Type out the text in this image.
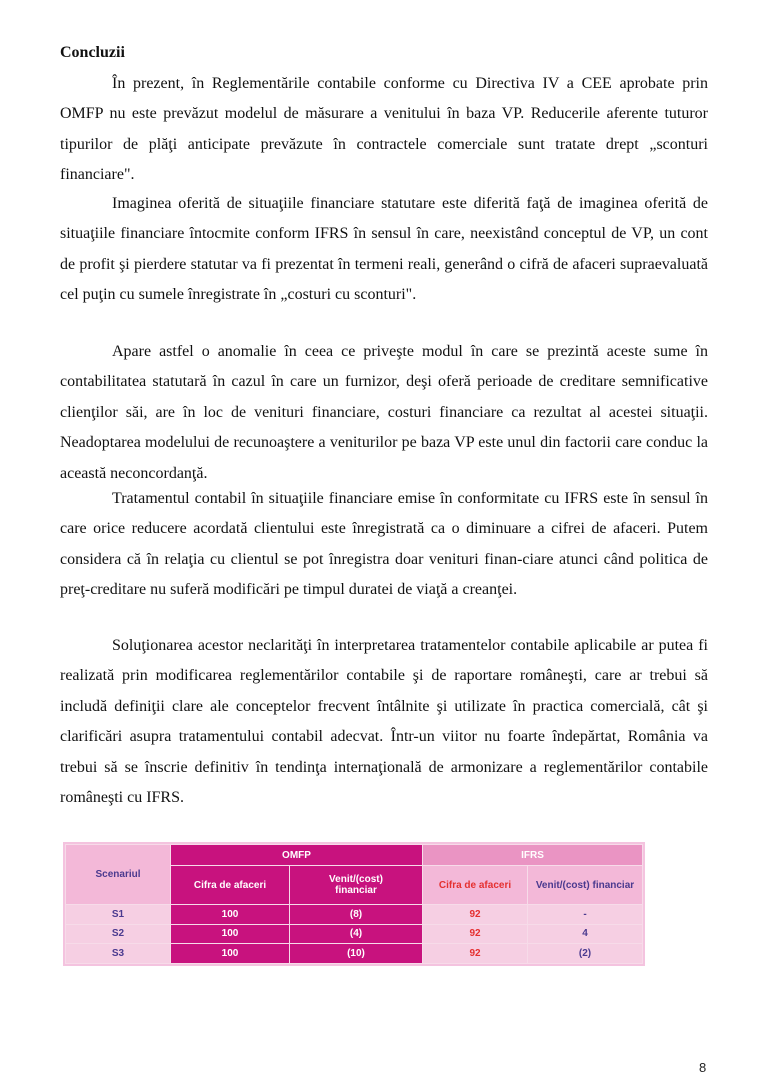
Concluzii

În prezent, în Reglementările contabile conforme cu Directiva IV a CEE aprobate prin OMFP nu este prevăzut modelul de măsurare a venitului în baza VP. Reducerile aferente tuturor tipurilor de plăţi anticipate prevăzute în contractele comerciale sunt tratate drept „sconturi financiare".

Imaginea oferită de situaţiile financiare statutare este diferită faţă de imaginea oferită de situaţiile financiare întocmite conform IFRS în sensul în care, neexistând conceptul de VP, un cont de profit şi pierdere statutar va fi prezentat în termeni reali, generând o cifră de afaceri supraevaluată cel puţin cu sumele înregistrate în „costuri cu sconturi".

Apare astfel o anomalie în ceea ce priveşte modul în care se prezintă aceste sume în contabilitatea statutară în cazul în care un furnizor, deşi oferă perioade de creditare semnificative clienţilor săi, are în loc de venituri financiare, costuri financiare ca rezultat al acestei situaţii. Neadoptarea modelului de recunoaştere a veniturilor pe baza VP este unul din factorii care conduc la această neconcordanţă.

Tratamentul contabil în situaţiile financiare emise în conformitate cu IFRS este în sensul în care orice reducere acordată clientului este înregistrată ca o diminuare a cifrei de afaceri. Putem considera că în relaţia cu clientul se pot înregistra doar venituri finan-ciare atunci când politica de preţ-creditare nu suferă modificări pe timpul duratei de viaţă a creanţei.

Soluţionarea acestor neclarităţi în interpretarea tratamentelor contabile aplicabile ar putea fi realizată prin modificarea reglementărilor contabile şi de raportare româneşti, care ar trebui să includă definiţii clare ale conceptelor frecvent întâlnite şi utilizate în practica comercială, cât şi clarificări asupra tratamentului contabil adecvat. Într-un viitor nu foarte îndepărtat, România va trebui să se înscrie definitiv în tendinţa internaţională de armonizare a reglementărilor contabile româneşti cu IFRS.

Scenariul	OMFP		IFRS	
	Cifra de afaceri	Venit/(cost) financiar	Cifra de afaceri	Venit/(cost) financiar
S1	100	(8)	92	-
S2	100	(4)	92	4
S3	100	(10)	92	(2)
8
